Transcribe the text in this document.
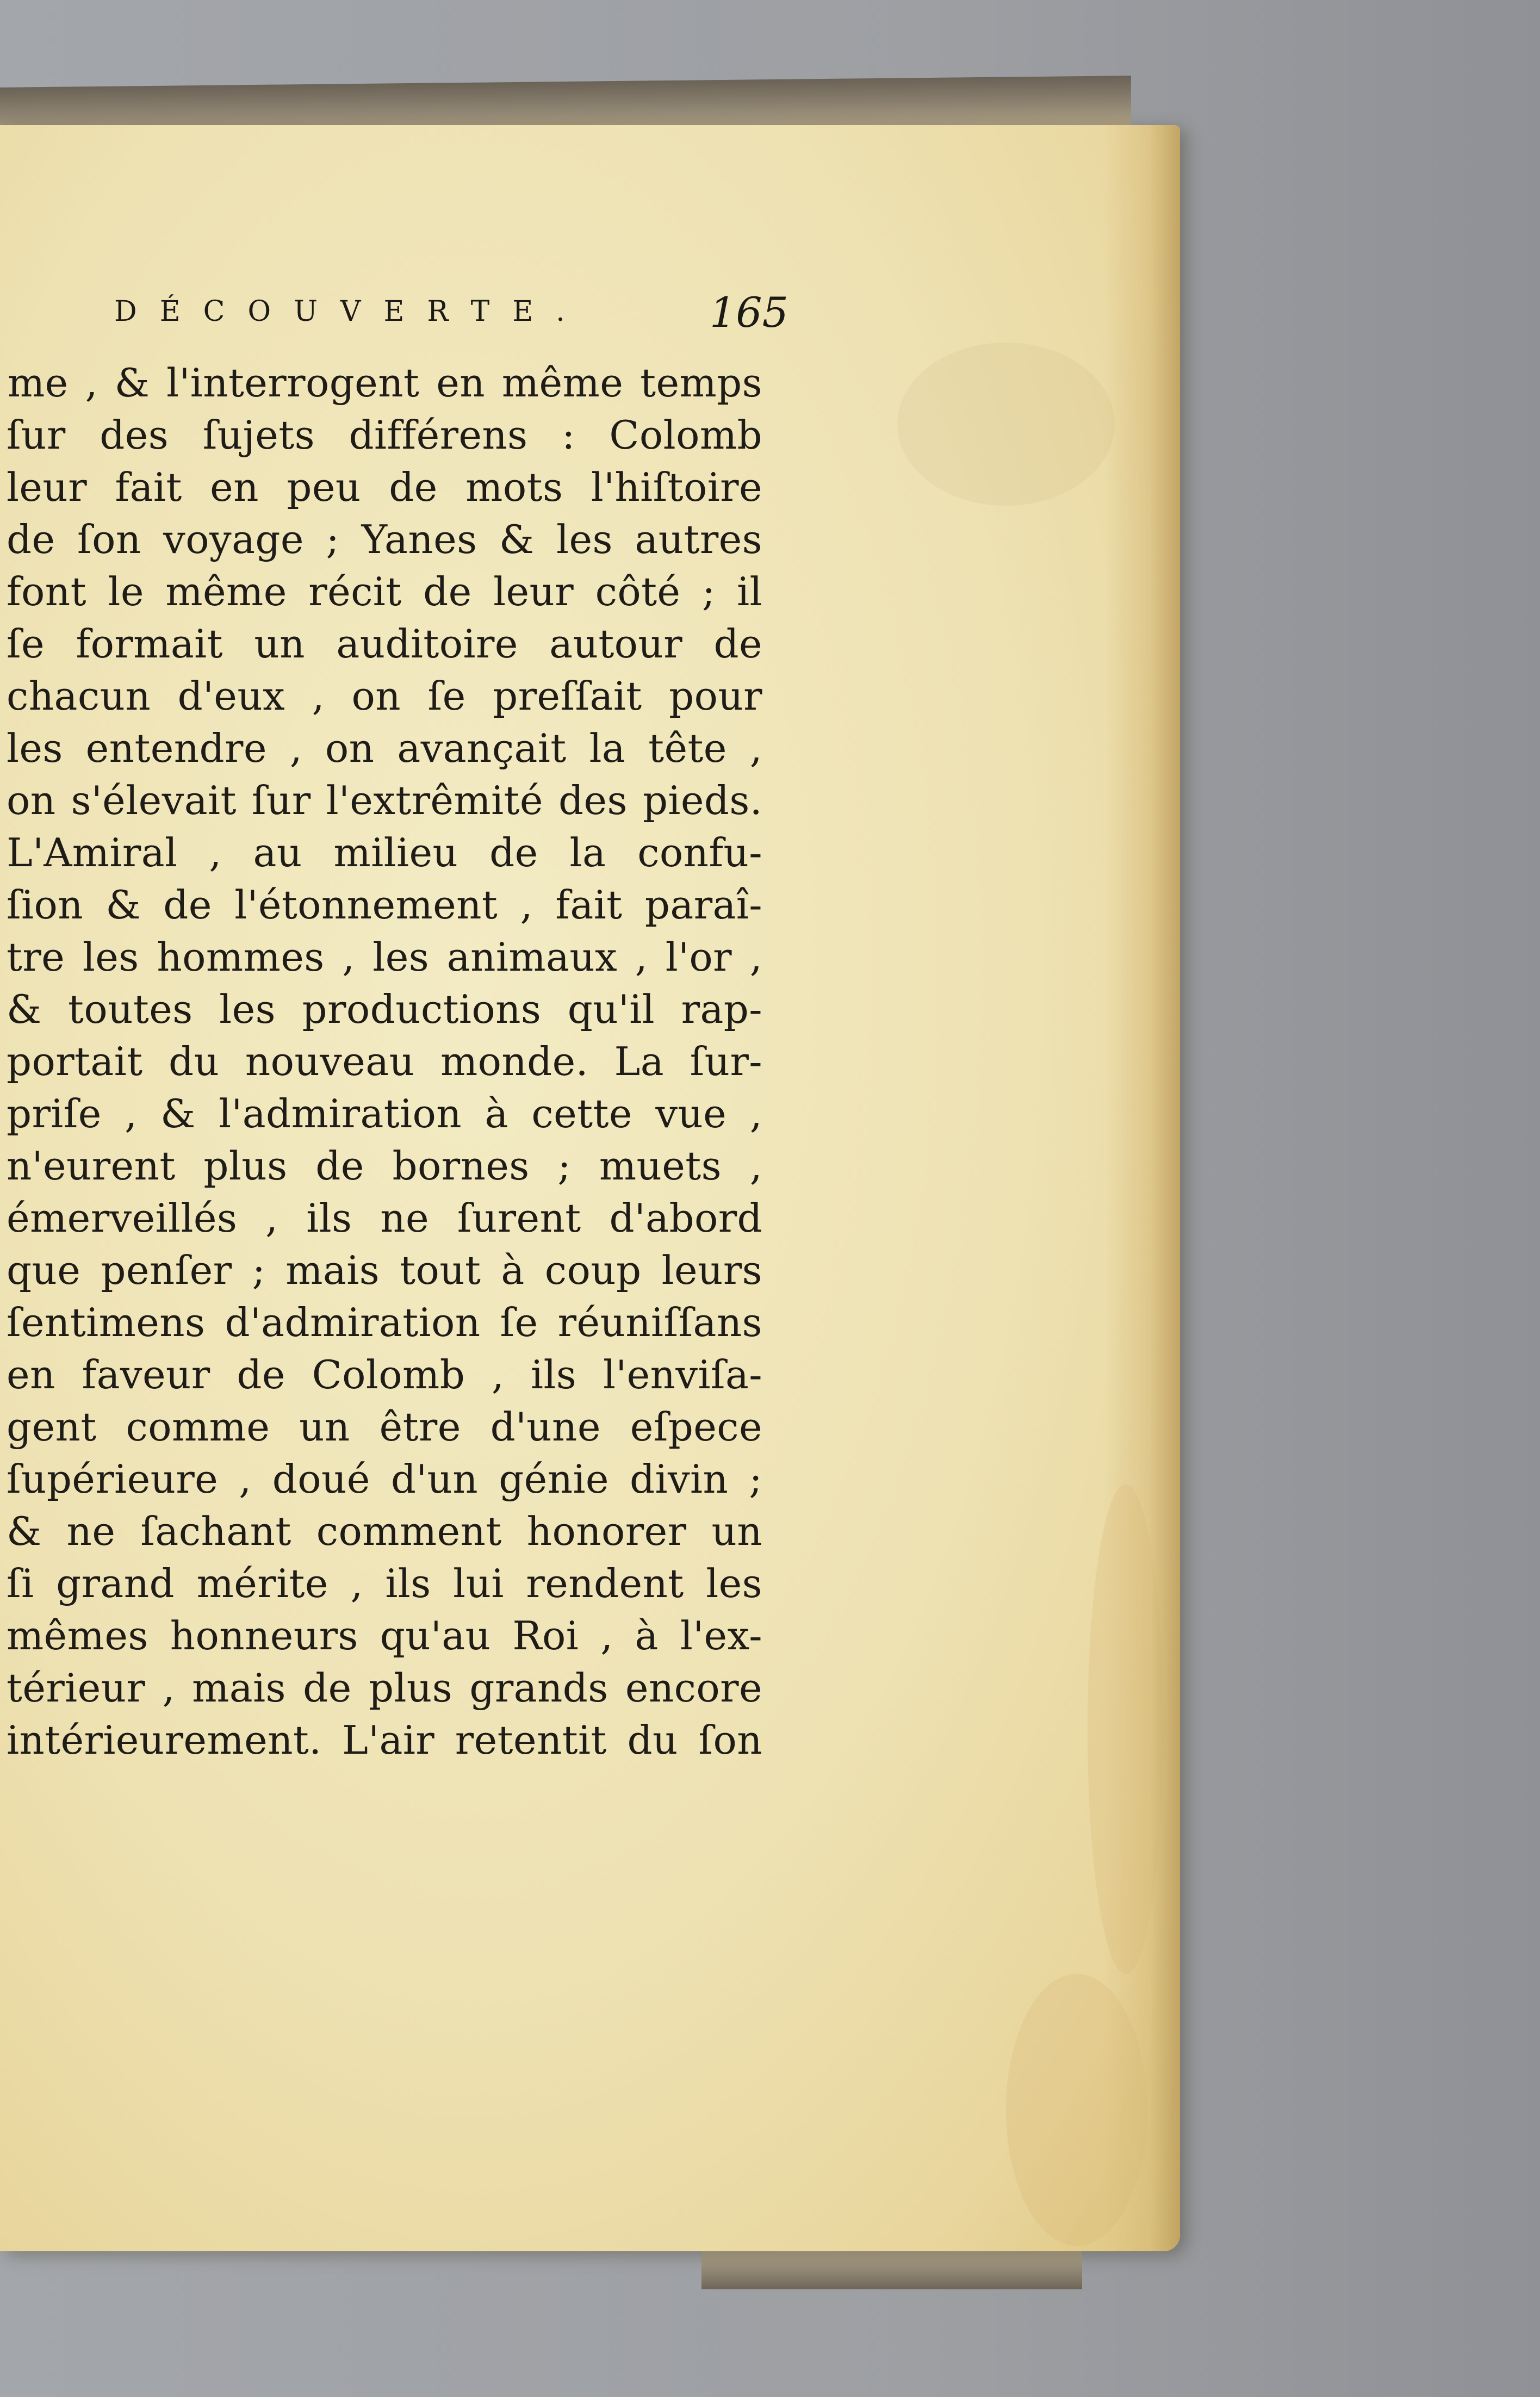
DÉCOUVERTE.	165
me , & l'interrogent en même temps
ſur des ſujets différens : Colomb
leur fait en peu de mots l'hiſtoire
de ſon voyage ; Yanes & les autres
font le même récit de leur côté ; il
ſe formait un auditoire autour de
chacun d'eux , on ſe preſſait pour
les entendre , on avançait la tête ,
on s'élevait ſur l'extrêmité des pieds.
L'Amiral , au milieu de la confu-
ſion & de l'étonnement , fait paraî-
tre les hommes , les animaux , l'or ,
& toutes les productions qu'il rap-
portait du nouveau monde. La ſur-
priſe , & l'admiration à cette vue ,
n'eurent plus de bornes ; muets ,
émerveillés , ils ne ſurent d'abord
que penſer ; mais tout à coup leurs
ſentimens d'admiration ſe réuniſſans
en faveur de Colomb , ils l'enviſa-
gent comme un être d'une eſpece
ſupérieure , doué d'un génie divin ;
& ne ſachant comment honorer un
ſi grand mérite , ils lui rendent les
mêmes honneurs qu'au Roi , à l'ex-
térieur , mais de plus grands encore
intérieurement. L'air retentit du ſon
